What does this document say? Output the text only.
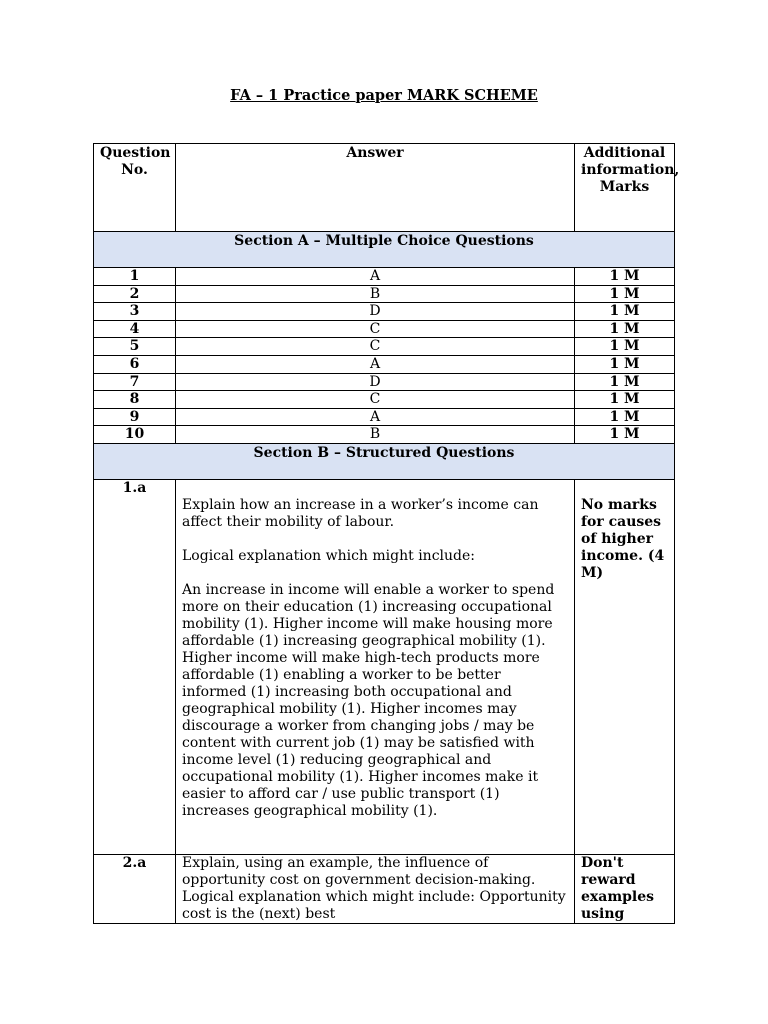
FA – 1 Practice paper MARK SCHEME
Question No.	Answer	Additional information, Marks
Section A – Multiple Choice Questions		
1	A	1 M
2	B	1 M
3	D	1 M
4	C	1 M
5	C	1 M
6	A	1 M
7	D	1 M
8	C	1 M
9	A	1 M
10	B	1 M
Section B – Structured Questions		
1.a	Explain how an increase in a worker’s income can affect their mobility of labour.

Logical explanation which might include:

An increase in income will enable a worker to spend more on their education (1) increasing occupational mobility (1). Higher income will make housing more affordable (1) increasing geographical mobility (1). Higher income will make high-tech products more affordable (1) enabling a worker to be better informed (1) increasing both occupational and geographical mobility (1). Higher incomes may discourage a worker from changing jobs / may be content with current job (1) may be satisfied with income level (1) reducing geographical and occupational mobility (1). Higher incomes make it easier to afford car / use public transport (1) increases geographical mobility (1).	No marks for causes of higher income. (4 M)
2.a	Explain, using an example, the influence of opportunity cost on government decision-making. Logical explanation which might include: Opportunity cost is the (next) best	Don't reward examples using
